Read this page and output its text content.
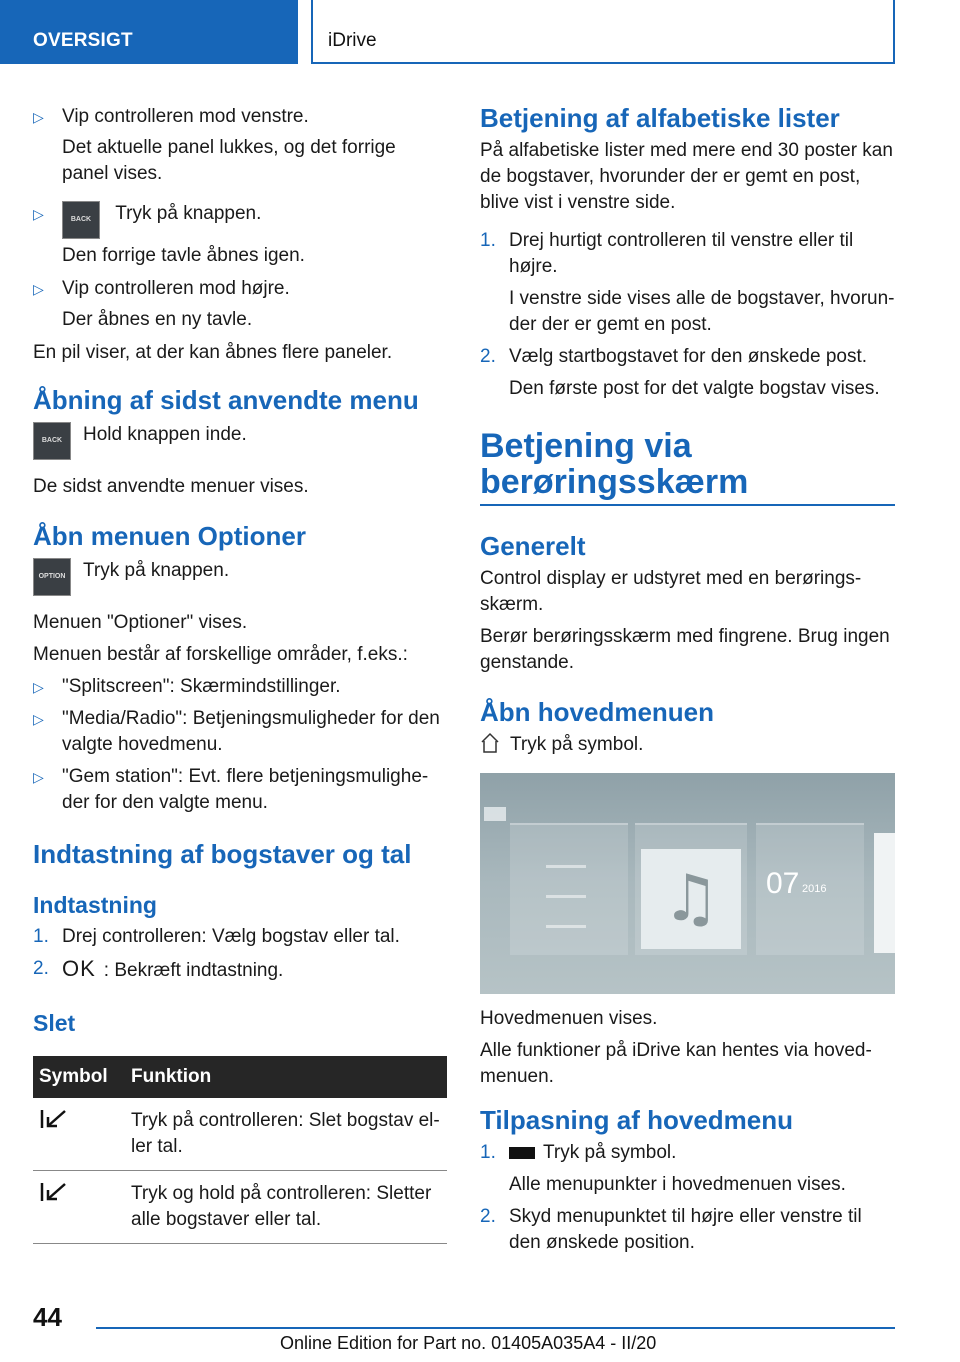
OVERSIGT	iDrive
▷ Vip controlleren mod venstre.

Det aktuelle panel lukkes, og det forrige panel vises.

▷ BACK Tryk på knappen.

Den forrige tavle åbnes igen.

▷ Vip controlleren mod højre.

Der åbnes en ny tavle.

En pil viser, at der kan åbnes flere paneler.

Åbning af sidst anvendte menu
BACK	Hold knappen inde.

De sidst anvendte menuer vises.

Åbn menuen Optioner
OPTION Tryk på knappen.

Menuen "Optioner" vises.

Menuen består af forskellige områder, f.eks.:

▷ "Splitscreen": Skærmindstillinger.
▷ "Media/Radio": Betjeningsmuligheder for den valgte hovedmenu.
▷ "Gem station": Evt. flere betjeningsmulighe-der for den valgte menu.
Indtastning af bogstaver og tal
Indtastning
1. Drej controlleren: Vælg bogstav eller tal.
2. OK : Bekræft indtastning.
Slet
Symbol	Funktion
	Tryk på controlleren: Slet bogstav el-ler tal.
	Tryk og hold på controlleren: Sletter alle bogstaver eller tal.
Betjening af alfabetiske lister

På alfabetiske lister med mere end 30 poster kan de bogstaver, hvorunder der er gemt en post, blive vist i venstre side.

1. Drej hurtigt controlleren til venstre eller til højre.

I venstre side vises alle de bogstaver, hvorun-der der er gemt en post.

2. Vælg startbogstavet for den ønskede post.

Den første post for det valgte bogstav vises.

Betjening via berøringsskærm
Generelt

Control display er udstyret med en berørings-skærm.

Berør berøringsskærm med fingrene. Brug ingen genstande.

Åbn hovedmenuen

Tryk på symbol.

♫ 07 2016

Hovedmenuen vises.

Alle funktioner på iDrive kan hentes via hoved-menuen.

Tilpasning af hovedmenu
1. Tryk på symbol.

Alle menupunkter i hovedmenuen vises.

2. Skyd menupunktet til højre eller venstre til den ønskede position.
44
Online Edition for Part no. 01405A035A4 - II/20
